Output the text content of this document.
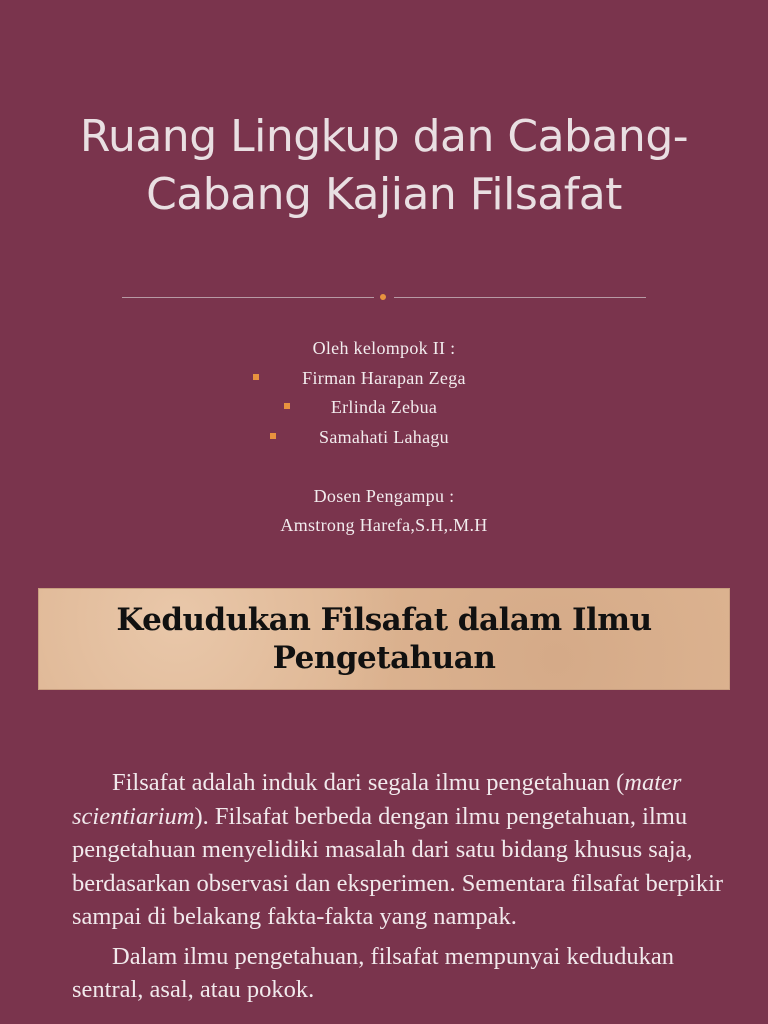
Ruang Lingkup dan Cabang-
Cabang Kajian Filsafat
Oleh kelompok II :
Firman Harapan Zega
Erlinda Zebua
Samahati Lahagu
Dosen Pengampu :
Amstrong Harefa,S.H,.M.H
Kedudukan Filsafat dalam Ilmu
Pengetahuan

Filsafat adalah induk dari segala ilmu pengetahuan (mater scientiarium). Filsafat berbeda dengan ilmu pengetahuan, ilmu pengetahuan menyelidiki masalah dari satu bidang khusus saja, berdasarkan observasi dan eksperimen. Sementara filsafat berpikir sampai di belakang fakta-fakta yang nampak.

Dalam ilmu pengetahuan, filsafat mempunyai kedudukan sentral, asal, atau pokok.
